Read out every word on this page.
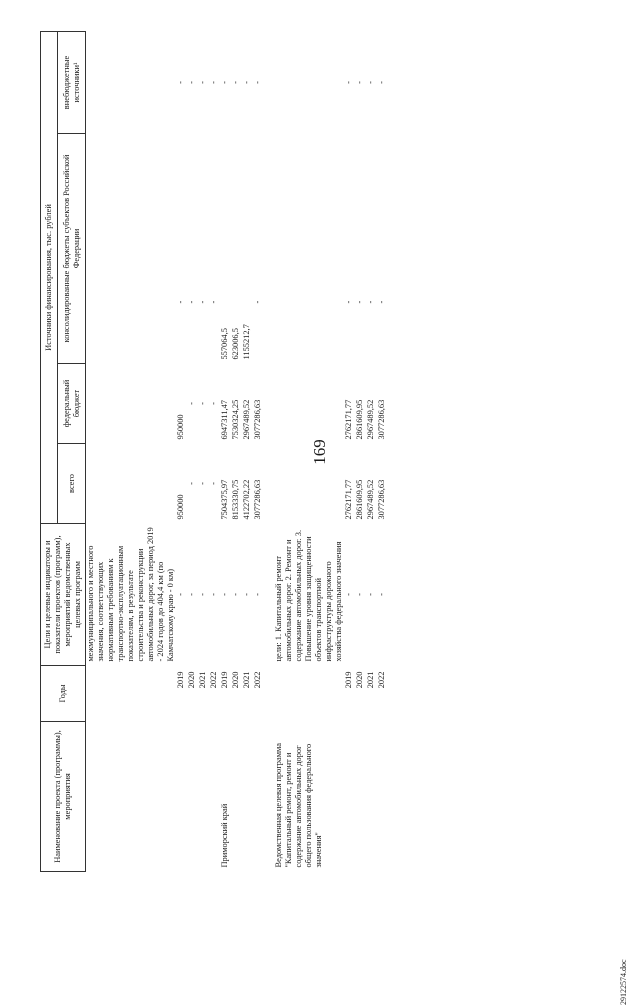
169
Наименование проекта (программы), мероприятия	Годы	Цели и целевые индикаторы и показатели проектов (программ), мероприятий ведомственных целевых программ	Источники финансирования, тыс. рублей			
			всего	федеральный бюджет	консолидированные бюджеты субъектов Российской Федерации	внебюджетные источники¹
		межмуниципального и местного значения, соответствующих нормативным требованиям к транспортно-эксплуатационным показателям, в результате строительства и реконструкции автомобильных дорог, за период 2019 - 2024 годов до 404,4 км (по Камчатскому краю - 0 км)				
	2019	-	950000	950000	-	-
	2020	-	-	-	-	-
	2021	-	-	-	-	-
	2022	-	-	-	-	-
Приморский край	2019	-	7504375,97	6947311,47	557064,5	-
	2020	-	8153330,75	7530324,25	623006,5	-
	2021	-	4122702,22	2967489,52	1155212,7	-
	2022	-	3077286,63	3077286,63	-	-

Ведомственная целевая программа "Капитальный ремонт, ремонт и содержание автомобильных дорог общего пользования федерального значения"		цели: 1. Капитальный ремонт автомобильных дорог. 2. Ремонт и содержание автомобильных дорог. 3. Повышение уровня защищенности объектов транспортной инфраструктуры дорожного хозяйства федерального значения				
	2019	-	2762171,77	2762171,77	-	-
	2020	-	2861609,95	2861609,95	-	-
	2021	-	2967489,52	2967489,52	-	-
	2022	-	3077286,63	3077286,63	-	-
29122574.doc
